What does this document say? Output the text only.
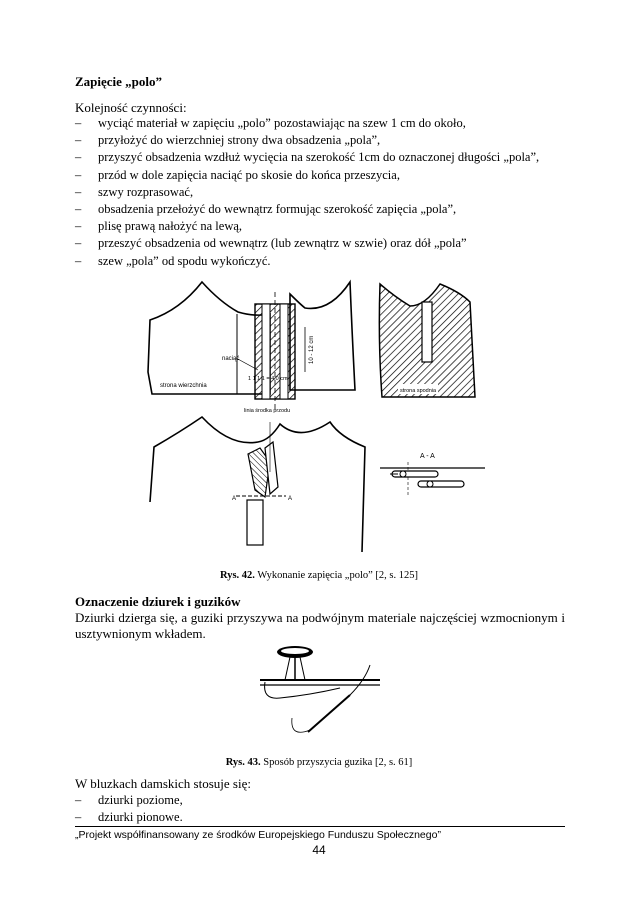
Zapięcie „polo”
Kolejność czynności:
– wyciąć materiał w zapięciu „polo” pozostawiając na szew 1 cm do około,
– przyłożyć do wierzchniej strony dwa obsadzenia „pola”,
– przyszyć obsadzenia wzdłuż wycięcia na szerokość 1cm do oznaczonej długości „pola”,
– przód w dole zapięcia naciąć po skosie do końca przeszycia,
– szwy rozprasować,
– obsadzenia przełożyć do wewnątrz formując szerokość zapięcia „pola”,
– plisę prawą nałożyć na lewą,
– przeszyć obsadzenia od wewnątrz (lub zewnątrz w szwie) oraz dół „pola”
– szew „pola” od spodu wykończyć.
10 - 12 cm
naciąć
strona wierzchnia
1 1 1 1 = 4,0 cm
linia środka przodu
strona spodnia
A	A
A - A
Rys. 42. Wykonanie zapięcia „polo” [2, s. 125]
Oznaczenie dziurek i guzików
Dziurki dzierga się, a guziki przyszywa na podwójnym materiale najczęściej wzmocnionym i usztywnionym wkładem.
Rys. 43. Sposób przyszycia guzika [2, s. 61]
W bluzkach damskich stosuje się:
– dziurki poziome,
– dziurki pionowe.
„Projekt współfinansowany ze środków Europejskiego Funduszu Społecznego”
44
